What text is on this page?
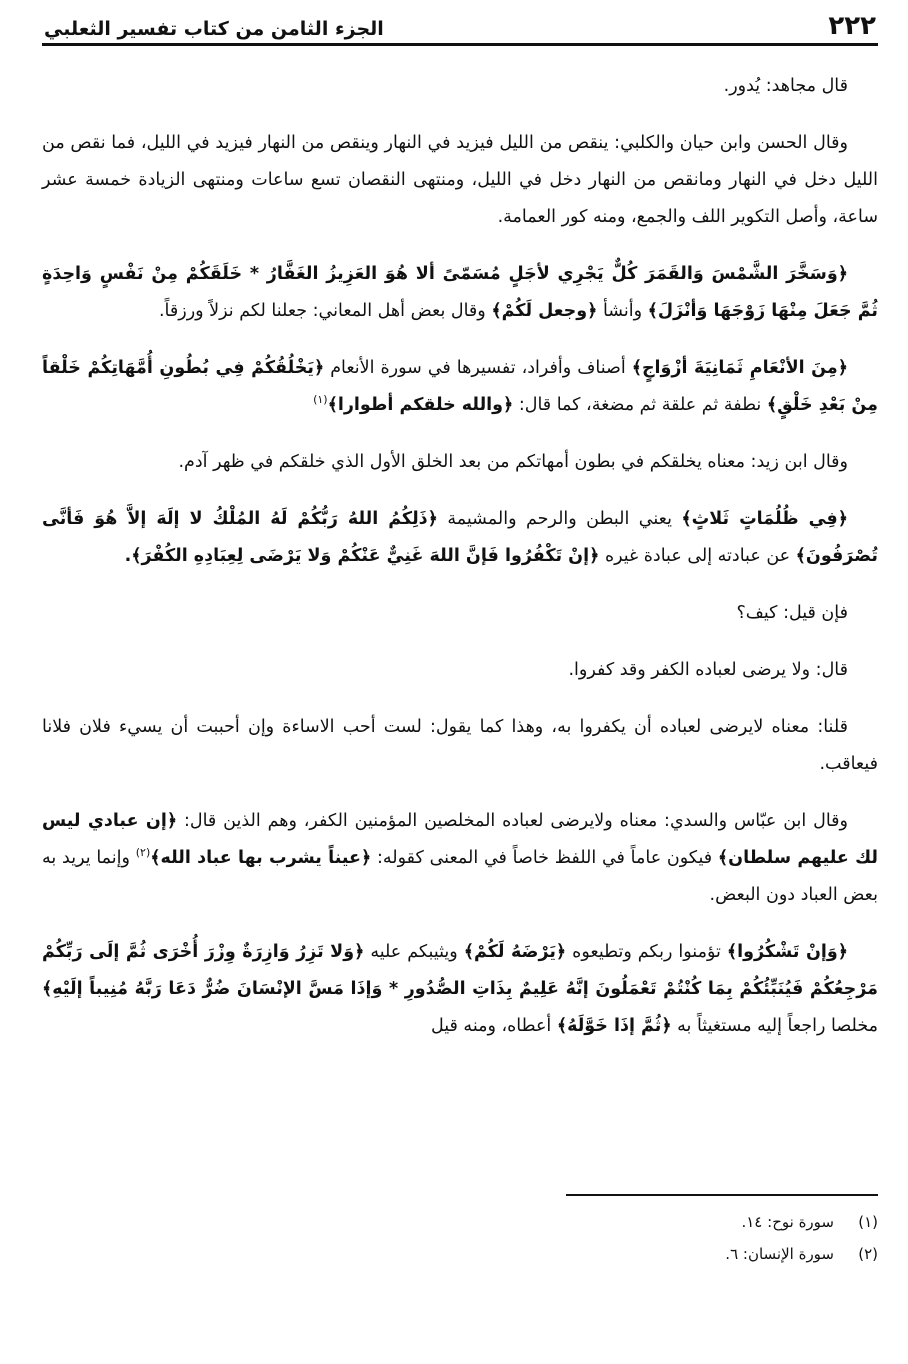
٢٢٢
الجزء الثامن من كتاب تفسير الثعلبي

قال مجاهد: يُدور.

وقال الحسن وابن حيان والكلبي: ينقص من الليل فيزيد في النهار وينقص من النهار فيزيد في الليل، فما نقص من الليل دخل في النهار ومانقص من النهار دخل في الليل، ومنتهى النقصان تسع ساعات ومنتهى الزيادة خمسة عشر ساعة، وأصل التكوير اللف والجمع، ومنه كور العمامة.

﴿وَسَخَّرَ الشَّمْسَ وَالقَمَرَ كُلٌّ يَجْرِي لأجَلٍ مُسَمّىً ألا هُوَ العَزِيزُ الغَفَّارُ * خَلَقَكُمْ مِنْ نَفْسٍ وَاحِدَةٍ ثُمَّ جَعَلَ مِنْهَا زَوْجَهَا وَأنْزَلَ﴾ وأنشأ ﴿وجعل لَكُمْ﴾ وقال بعض أهل المعاني: جعلنا لكم نزلاً ورزقاً.

﴿مِنَ الأنْعَامِ ثَمَانِيَةَ أزْوَاجٍ﴾ أصناف وأفراد، تفسيرها في سورة الأنعام ﴿يَخْلُقُكُمْ فِي بُطُونِ أُمَّهَاتِكُمْ خَلْقاً مِنْ بَعْدِ خَلْقٍ﴾ نطفة ثم علقة ثم مضغة، كما قال: ﴿والله خلقكم أطوارا﴾$^{(١)}$

وقال ابن زيد: معناه يخلقكم في بطون أمهاتكم من بعد الخلق الأول الذي خلقكم في ظهر آدم.

﴿فِي ظُلُمَاتٍ ثَلاثٍ﴾ يعني البطن والرحم والمشيمة ﴿ذَلِكُمُ اللهُ رَبُّكُمْ لَهُ المُلْكُ لا إلَهَ إلاَّ هُوَ فَأنَّى تُصْرَفُونَ﴾ عن عبادته إلى عبادة غيره ﴿إنْ تَكْفُرُوا فَإنَّ اللهَ غَنِيٌّ عَنْكُمْ وَلا يَرْضَى لِعِبَادِهِ الكُفْرَ﴾.

فإن قيل: كيف؟

قال: ولا يرضى لعباده الكفر وقد كفروا.

قلنا: معناه لايرضى لعباده أن يكفروا به، وهذا كما يقول: لست أحب الاساءة وإن أحببت أن يسيء فلان فلانا فيعاقب.

وقال ابن عبّاس والسدي: معناه ولايرضى لعباده المخلصين المؤمنين الكفر، وهم الذين قال: ﴿إن عبادي ليس لك عليهم سلطان﴾ فيكون عاماً في اللفظ خاصاً في المعنى كقوله: ﴿عيناً يشرب بها عباد الله﴾$^{(٢)}$ وإنما يريد به بعض العباد دون البعض.

﴿وَإنْ تَشْكُرُوا﴾ تؤمنوا ربكم وتطيعوه ﴿يَرْضَهُ لَكُمْ﴾ ويثيبكم عليه ﴿وَلا تَزِرُ وَازِرَةٌ وِزْرَ أُخْرَى ثُمَّ إلَى رَبِّكُمْ مَرْجِعُكُمْ فَيُنَبِّئُكُمْ بِمَا كُنْتُمْ تَعْمَلُونَ إنَّهُ عَلِيمٌ بِذَاتِ الصُّدُورِ * وَإذَا مَسَّ الإنْسَانَ ضُرٌّ دَعَا رَبَّهُ مُنِيباً إلَيْهِ﴾ مخلصا راجعاً إليه مستغيثاً به ﴿ثُمَّ إذَا خَوَّلَهُ﴾ أعطاه، ومنه قيل

(١)
سورة نوح: ١٤.
(٢)
سورة الإنسان: ٦.
